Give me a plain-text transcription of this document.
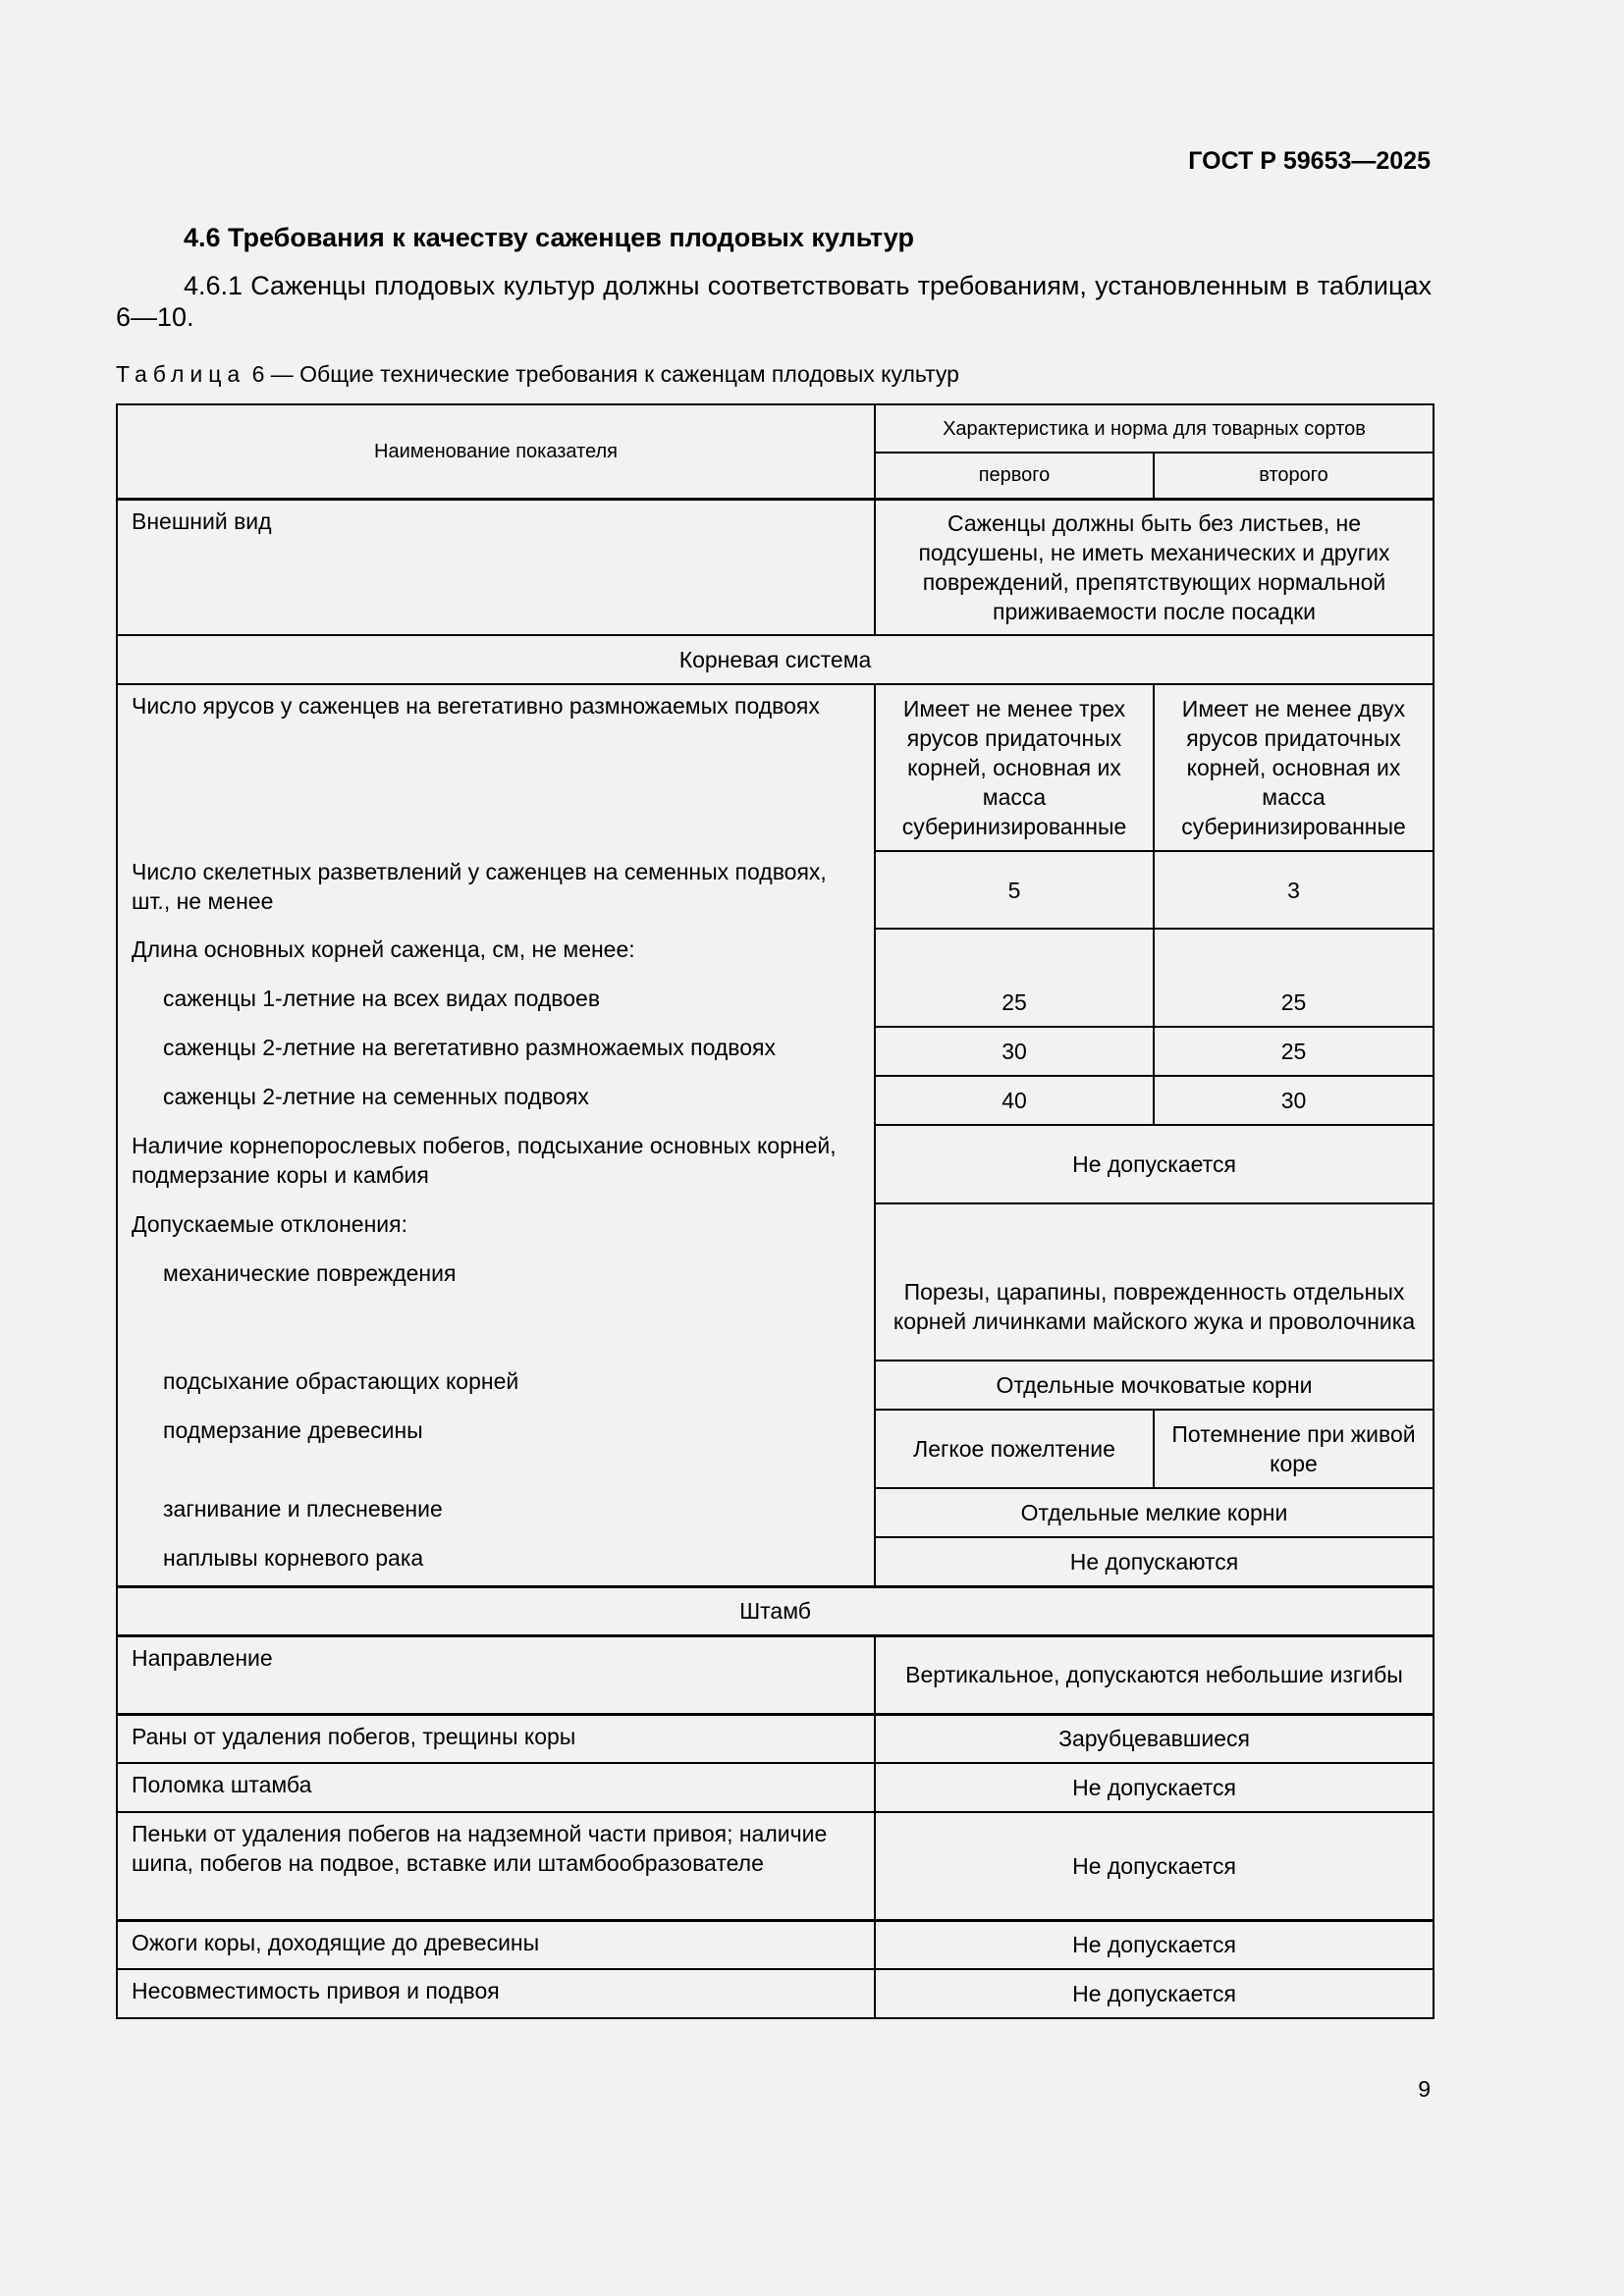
ГОСТ Р 59653—2025
4.6 Требования к качеству саженцев плодовых культур
4.6.1 Саженцы плодовых культур должны соответствовать требованиям, установленным в таблицах 6—10.
Таблица 6 — Общие технические требования к саженцам плодовых культур
Наименование показателя	Характеристика и норма для товарных сортов	
	первого	второго
Внешний вид	Саженцы должны быть без листьев, не подсушены, не иметь механических и других повреждений, препятствующих нормальной приживаемости после посадки	
Корневая система		
Число ярусов у саженцев на вегетативно размножаемых подвоях	Имеет не менее трех ярусов придаточных корней, основная их масса суберинизированные	Имеет не менее двух ярусов придаточных корней, основная их масса суберинизированные
Число скелетных разветвлений у саженцев на семенных подвоях, шт., не менее	5	3
Длина основных корней саженца, см, не менее:		
саженцы 1-летние на всех видах подвоев	25	25
саженцы 2-летние на вегетативно размножаемых подвоях	30	25
саженцы 2-летние на семенных подвоях	40	30
Наличие корнепорослевых побегов, подсыхание основных корней, подмерзание коры и камбия	Не допускается	
Допускаемые отклонения:		
механические повреждения	Порезы, царапины, поврежденность отдельных корней личинками майского жука и проволочника	
подсыхание обрастающих корней	Отдельные мочковатые корни	
подмерзание древесины	Легкое пожелтение	Потемнение при живой коре
загнивание и плесневение	Отдельные мелкие корни	
наплывы корневого рака	Не допускаются	
Штамб		
Направление	Вертикальное, допускаются небольшие изгибы	
Раны от удаления побегов, трещины коры	Зарубцевавшиеся	
Поломка штамба	Не допускается	
Пеньки от удаления побегов на надземной части привоя; наличие шипа, побегов на подвое, вставке или штамбообразователе	Не допускается	
Ожоги коры, доходящие до древесины	Не допускается	
Несовместимость привоя и подвоя	Не допускается	
9
